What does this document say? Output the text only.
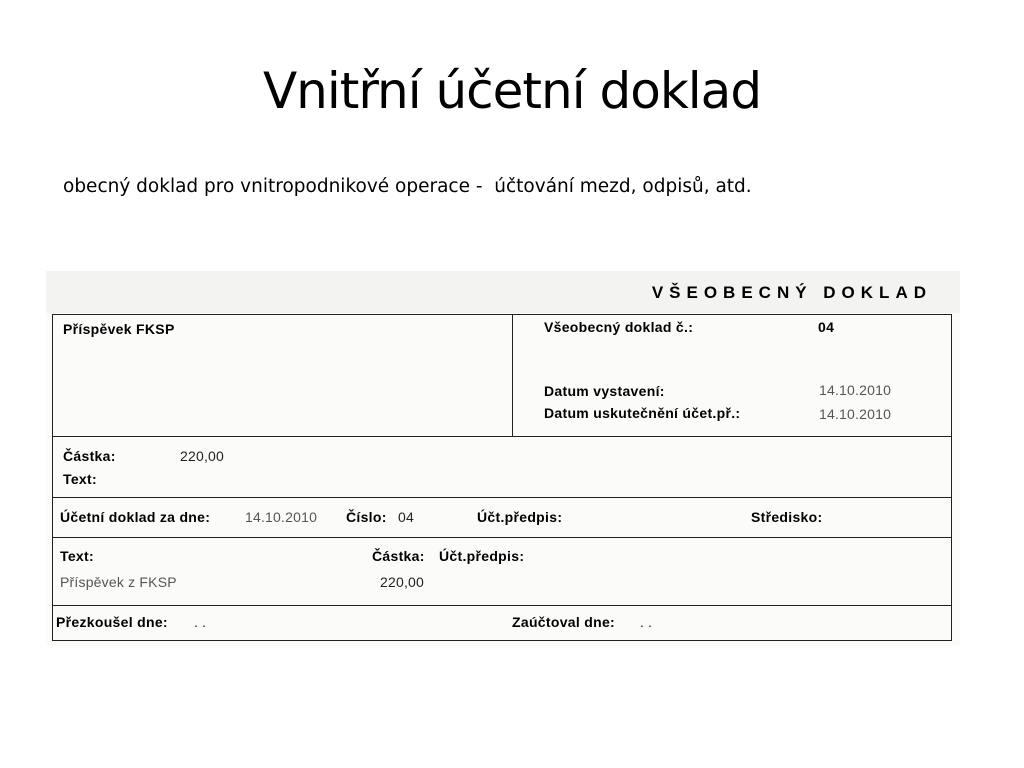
Vnitřní účetní doklad

obecný doklad pro vnitropodnikové operace -  účtování mezd, odpisů, atd.

VŠEOBECNÝ DOKLAD
Příspěvek FKSP	Všeobecný doklad č.:	04
Datum vystavení:	14.10.2010
Datum uskutečnění účet.př.:	14.10.2010
Částka:	220,00
Text:
Účetní doklad za dne: 14.10.2010 Číslo: 04	Účt.předpis:	Středisko:
Text:	Částka: Účt.předpis:
Příspěvek z FKSP	220,00
Přezkoušel dne: . .	Zaúčtoval dne: . .
